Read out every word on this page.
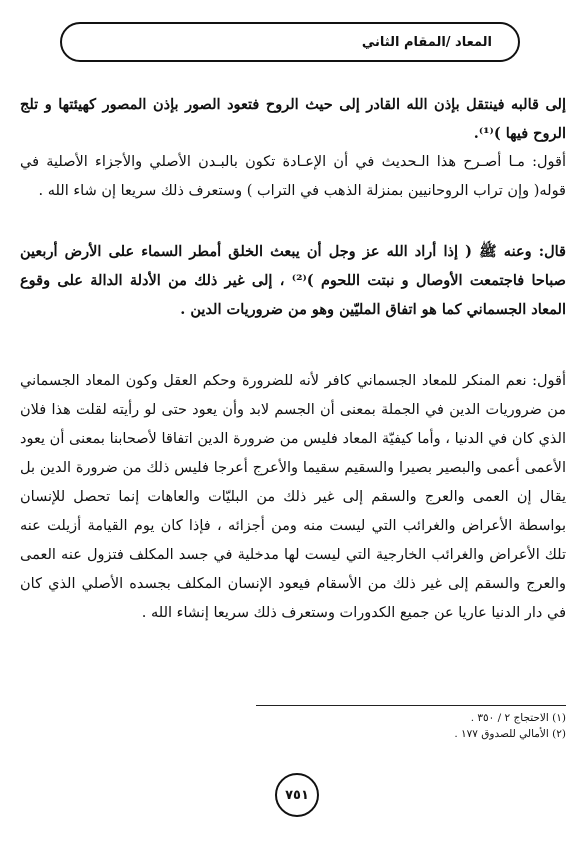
المعاد /المقام الثاني
إلى قالبه فينتقل بإذن الله القادر إلى حيث الروح فتعود الصور بإذن المصور كهيئتها و تلج الروح فيها )⁽¹⁾.
أقول: مـا أصـرح هذا الـحديث في أن الإعـادة تكون بالبـدن الأصلي والأجزاء الأصلية في قوله( وإن تراب الروحانيين بمنزلة الذهب في التراب ) وستعرف ذلك سريعا إن شاء الله .
قال: وعنه ﷺ ( إذا أراد الله عز وجل أن يبعث الخلق أمطر السماء على الأرض أربعين صباحا فاجتمعت الأوصال و نبتت اللحوم )⁽²⁾ ، إلى غير ذلك من الأدلة الدالة على وقوع المعاد الجسماني كما هو اتفاق المليّين وهو من ضروريات الدين .
أقول: نعم المنكر للمعاد الجسماني كافر لأنه للضرورة وحكم العقل وكون المعاد الجسماني من ضروريات الدين في الجملة بمعنى أن الجسم لابد وأن يعود حتى لو رأيته لقلت هذا فلان الذي كان في الدنيا ، وأما كيفيّة المعاد فليس من ضرورة الدين اتفاقا لأصحابنا بمعنى أن يعود الأعمى أعمى والبصير بصيرا والسقيم سقيما والأعرج أعرجا فليس ذلك من ضرورة الدين بل يقال إن العمى والعرج والسقم إلى غير ذلك من البليّات والعاهات إنما تحصل للإنسان بواسطة الأعراض والغرائب التي ليست منه ومن أجزائه ، فإذا كان يوم القيامة أزيلت عنه تلك الأعراض والغرائب الخارجية التي ليست لها مدخلية في جسد المكلف فتزول عنه العمى والعرج والسقم إلى غير ذلك من الأسقام فيعود الإنسان المكلف بجسده الأصلي الذي كان في دار الدنيا عاريا عن جميع الكدورات وستعرف ذلك سريعا إنشاء الله .
(١) الاحتجاج ٢ / ٣٥٠ .
(٢) الأمالي للصدوق ١٧٧ .
٧٥١
